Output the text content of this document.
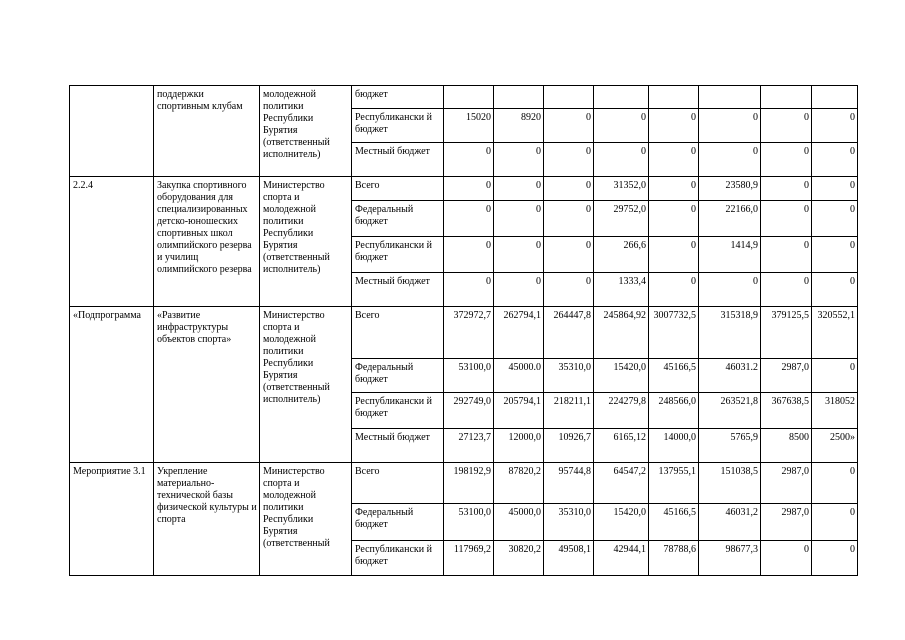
	поддержки спортивным клубам	молодежной политики Республики Бурятия (ответственный исполнитель)	бюджет								
			Республикански й бюджет	15020	8920	0	0	0	0	0	0
			Местный бюджет	0	0	0	0	0	0	0	0
2.2.4	Закупка спортивного оборудования для специализированных детско-юношеских спортивных школ олимпийского резерва и училищ олимпийского резерва	Министерство спорта и молодежной политики Республики Бурятия (ответственный исполнитель)	Всего	0	0	0	31352,0	0	23580,9	0	0
			Федеральный бюджет	0	0	0	29752,0	0	22166,0	0	0
			Республикански й бюджет	0	0	0	266,6	0	1414,9	0	0
			Местный бюджет	0	0	0	1333,4	0	0	0	0
«Подпрограмма	«Развитие инфраструктуры объектов спорта»	Министерство спорта и молодежной политики Республики Бурятия (ответственный исполнитель)	Всего	372972,7	262794,1	264447,8	245864,92	3007732,5	315318,9	379125,5	320552,1
			Федеральный бюджет	53100,0	45000.0	35310,0	15420,0	45166,5	46031.2	2987,0	0
			Республикански й бюджет	292749,0	205794,1	218211,1	224279,8	248566,0	263521,8	367638,5	318052
			Местный бюджет	27123,7	12000,0	10926,7	6165,12	14000,0	5765,9	8500	2500»
Мероприятие 3.1	Укрепление материально-технической базы физической культуры и спорта	Министерство спорта и молодежной политики Республики Бурятия (ответственный	Всего	198192,9	87820,2	95744,8	64547,2	137955,1	151038,5	2987,0	0
			Федеральный бюджет	53100,0	45000,0	35310,0	15420,0	45166,5	46031,2	2987,0	0
			Республикански й бюджет	117969,2	30820,2	49508,1	42944,1	78788,6	98677,3	0	0
